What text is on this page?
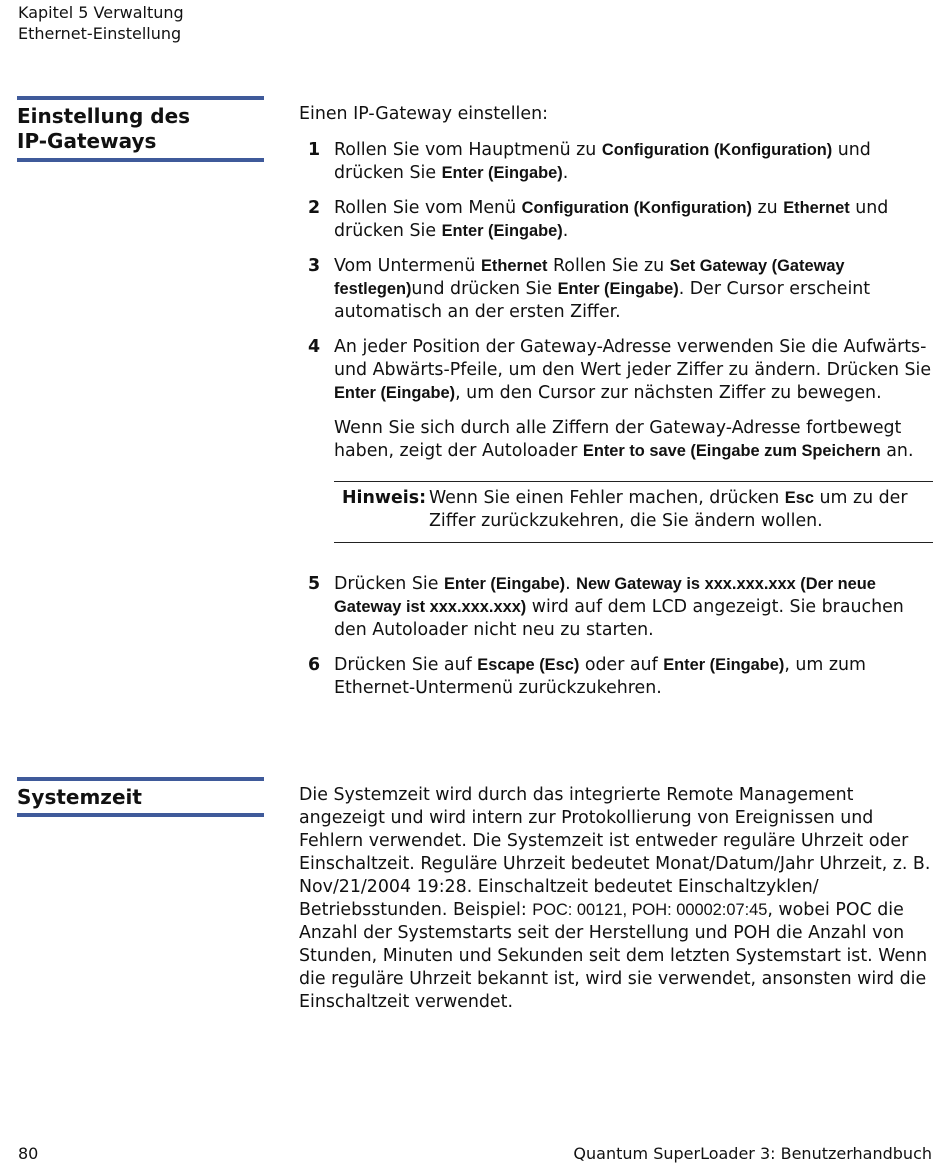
Kapitel 5 Verwaltung
Ethernet-Einstellung
Einstellung des
IP-Gateways
Einen IP-Gateway einstellen:
1 Rollen Sie vom Hauptmenü zu Configuration (Konfiguration) und drücken Sie Enter (Eingabe).
2 Rollen Sie vom Menü Configuration (Konfiguration) zu Ethernet und drücken Sie Enter (Eingabe).
3 Vom Untermenü Ethernet Rollen Sie zu Set Gateway (Gateway festlegen)und drücken Sie Enter (Eingabe). Der Cursor erscheint automatisch an der ersten Ziffer.
4 An jeder Position der Gateway-Adresse verwenden Sie die Aufwärts- und Abwärts-Pfeile, um den Wert jeder Ziffer zu ändern. Drücken Sie Enter (Eingabe), um den Cursor zur nächsten Ziffer zu bewegen.
Wenn Sie sich durch alle Ziffern der Gateway-Adresse fortbewegt haben, zeigt der Autoloader Enter to save (Eingabe zum Speichern an.
Hinweis: Wenn Sie einen Fehler machen, drücken Esc um zu der Ziffer zurückzukehren, die Sie ändern wollen.
5 Drücken Sie Enter (Eingabe). New Gateway is xxx.xxx.xxx (Der neue Gateway ist xxx.xxx.xxx) wird auf dem LCD angezeigt. Sie brauchen den Autoloader nicht neu zu starten.
6 Drücken Sie auf Escape (Esc) oder auf Enter (Eingabe), um zum Ethernet-Untermenü zurückzukehren.
Systemzeit	Die Systemzeit wird durch das integrierte Remote Management angezeigt und wird intern zur Protokollierung von Ereignissen und Fehlern verwendet. Die Systemzeit ist entweder reguläre Uhrzeit oder Einschaltzeit. Reguläre Uhrzeit bedeutet Monat/Datum/Jahr Uhrzeit, z. B. Nov/21/2004 19:28. Einschaltzeit bedeutet Einschaltzyklen/ Betriebsstunden. Beispiel: POC: 00121, POH: 00002:07:45, wobei POC die Anzahl der Systemstarts seit der Herstellung und POH die Anzahl von Stunden, Minuten und Sekunden seit dem letzten Systemstart ist. Wenn die reguläre Uhrzeit bekannt ist, wird sie verwendet, ansonsten wird die Einschaltzeit verwendet.
80	Quantum SuperLoader 3: Benutzerhandbuch
